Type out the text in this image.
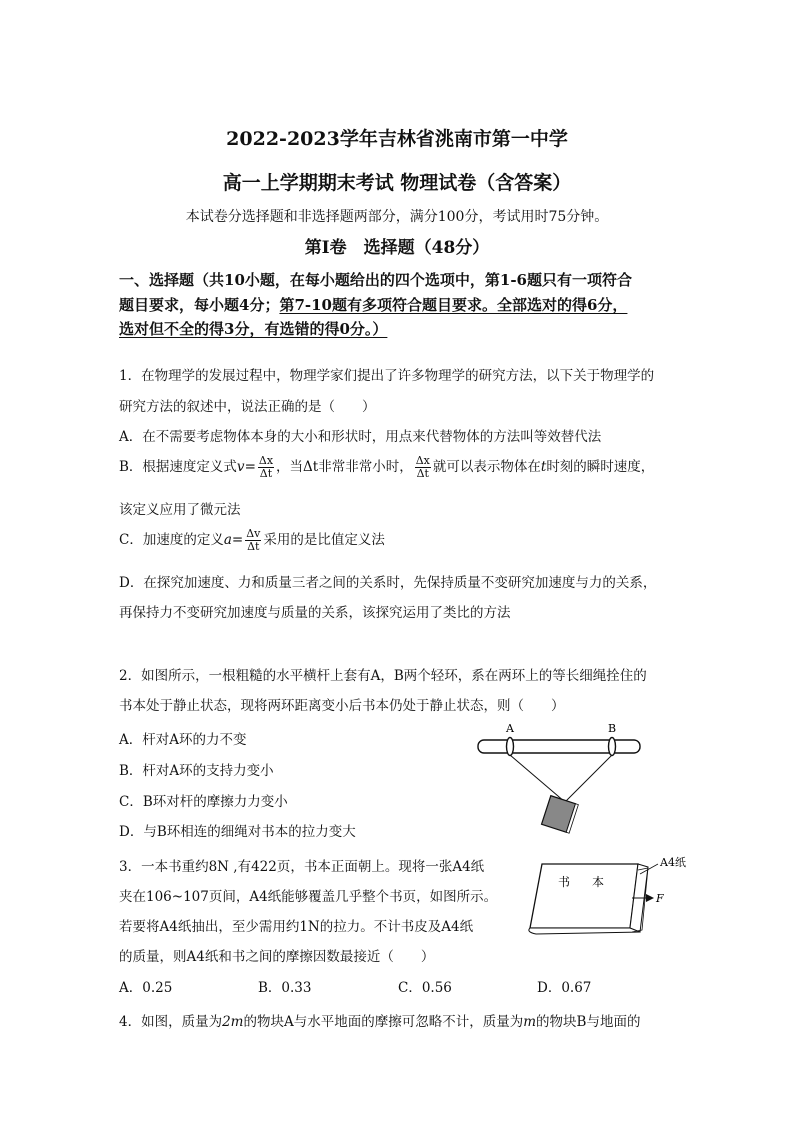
2022-2023学年吉林省洮南市第一中学
高一上学期期末考试 物理试卷（含答案）
本试卷分选择题和非选择题两部分，满分100分，考试用时75分钟。
第Ⅰ卷　选择题（48分）
一、选择题（共10小题，在每小题给出的四个选项中，第1-6题只有一项符合
题目要求，每小题4分；第7-10题有多项符合题目要求。全部选对的得6分，
选对但不全的得3分，有选错的得0分。）
1．在物理学的发展过程中，物理学家们提出了许多物理学的研究方法，以下关于物理学的
研究方法的叙述中，说法正确的是（　　）
A．在不需要考虑物体本身的大小和形状时，用点来代替物体的方法叫等效替代法
B．根据速度定义式$v= \frac{\Delta x}{\Delta t}$ ，当Δt非常非常小时， $\frac{\Delta x}{\Delta t}$ 就可以表示物体在t时刻的瞬时速度，
该定义应用了微元法
C．加速度的定义$a= \frac{\Delta v}{\Delta t}$ 采用的是比值定义法
D．在探究加速度、力和质量三者之间的关系时，先保持质量不变研究加速度与力的关系，
再保持力不变研究加速度与质量的关系，该探究运用了类比的方法
2．如图所示，一根粗糙的水平横杆上套有A，B两个轻环，系在两环上的等长细绳拴住的
书本处于静止状态，现将两环距离变小后书本仍处于静止状态，则（　　）
A．杆对A环的力不变
B．杆对A环的支持力变小
C．B环对杆的摩擦力力变小
D．与B环相连的细绳对书本的拉力变大
A	B
3．一本书重约8N ,有422页，书本正面朝上。现将一张A4纸
夹在106~107页间，A4纸能够覆盖几乎整个书页，如图所示。
若要将A4纸抽出，至少需用约1N的拉力。不计书皮及A4纸
的质量，则A4纸和书之间的摩擦因数最接近（　　）
A．0.25	B．0.33	C．0.56	D．0.67
书 本
A4纸
F
4．如图，质量为2m的物块A与水平地面的摩擦可忽略不计，质量为m的物块B与地面的
